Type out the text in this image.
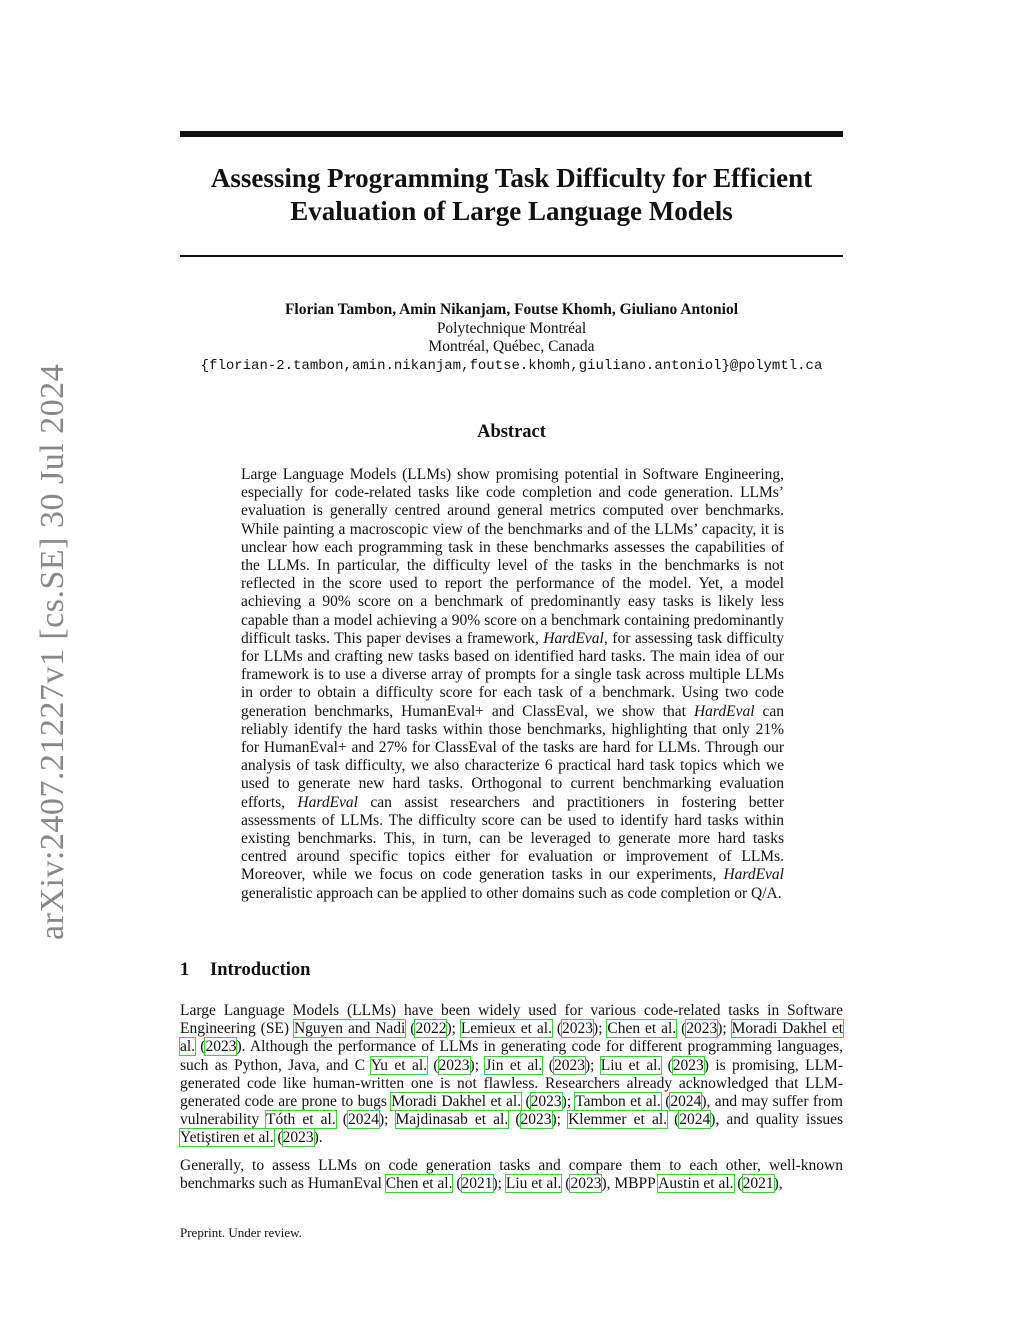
arXiv:2407.21227v1 [cs.SE] 30 Jul 2024
Assessing Programming Task Difficulty for Efficient Evaluation of Large Language Models
Florian Tambon, Amin Nikanjam, Foutse Khomh, Giuliano Antoniol
Polytechnique Montréal
Montréal, Québec, Canada
{florian-2.tambon,amin.nikanjam,foutse.khomh,giuliano.antoniol}@polymtl.ca
Abstract
Large Language Models (LLMs) show promising potential in Software Engineering, especially for code-related tasks like code completion and code generation. LLMs’ evaluation is generally centred around general metrics computed over benchmarks. While painting a macroscopic view of the benchmarks and of the LLMs’ capacity, it is unclear how each programming task in these benchmarks assesses the capabilities of the LLMs. In particular, the difficulty level of the tasks in the benchmarks is not reflected in the score used to report the performance of the model. Yet, a model achieving a 90% score on a benchmark of predominantly easy tasks is likely less capable than a model achieving a 90% score on a benchmark containing predominantly difficult tasks. This paper devises a framework, HardEval, for assessing task difficulty for LLMs and crafting new tasks based on identified hard tasks. The main idea of our framework is to use a diverse array of prompts for a single task across multiple LLMs in order to obtain a difficulty score for each task of a benchmark. Using two code generation benchmarks, HumanEval+ and ClassEval, we show that HardEval can reliably identify the hard tasks within those benchmarks, highlighting that only 21% for HumanEval+ and 27% for ClassEval of the tasks are hard for LLMs. Through our analysis of task difficulty, we also characterize 6 practical hard task topics which we used to generate new hard tasks. Orthogonal to current benchmarking evaluation efforts, HardEval can assist researchers and practitioners in fostering better assessments of LLMs. The difficulty score can be used to identify hard tasks within existing benchmarks. This, in turn, can be leveraged to generate more hard tasks centred around specific topics either for evaluation or improvement of LLMs. Moreover, while we focus on code generation tasks in our experiments, HardEval generalistic approach can be applied to other domains such as code completion or Q/A.
1 Introduction
Large Language Models (LLMs) have been widely used for various code-related tasks in Software Engineering (SE) Nguyen and Nadi (2022); Lemieux et al. (2023); Chen et al. (2023); Moradi Dakhel et al. (2023). Although the performance of LLMs in generating code for different programming languages, such as Python, Java, and C Yu et al. (2023); Jin et al. (2023); Liu et al. (2023) is promising, LLM-generated code like human-written one is not flawless. Researchers already acknowledged that LLM-generated code are prone to bugs Moradi Dakhel et al. (2023); Tambon et al. (2024), and may suffer from vulnerability Tóth et al. (2024); Majdinasab et al. (2023); Klemmer et al. (2024), and quality issues Yetiştiren et al. (2023).
Generally, to assess LLMs on code generation tasks and compare them to each other, well-known benchmarks such as HumanEval Chen et al. (2021); Liu et al. (2023), MBPP Austin et al. (2021),
Preprint. Under review.
